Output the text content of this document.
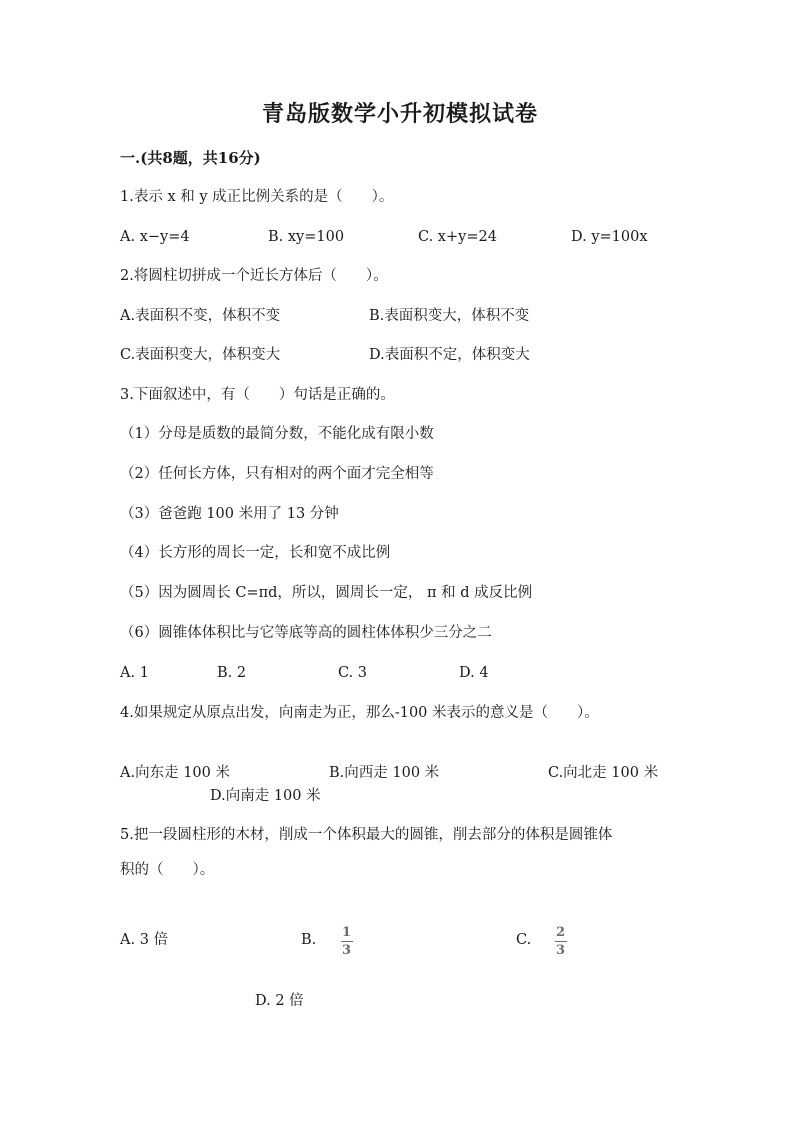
青岛版数学小升初模拟试卷
一.(共8题，共16分)
1.表示 x 和 y 成正比例关系的是（　　）。
A. x−y=4	B. xy=100	C. x+y=24	D. y=100x
2.将圆柱切拼成一个近长方体后（　　）。
A.表面积不变，体积不变	B.表面积变大，体积不变
C.表面积变大，体积变大	D.表面积不定，体积变大
3.下面叙述中，有（　　）句话是正确的。
（1）分母是质数的最简分数，不能化成有限小数
（2）任何长方体，只有相对的两个面才完全相等
（3）爸爸跑 100 米用了 13 分钟
（4）长方形的周长一定，长和宽不成比例
（5）因为圆周长 C=πd，所以，圆周长一定， π 和 d 成反比例
（6）圆锥体体积比与它等底等高的圆柱体体积少三分之二
A. 1	B. 2	C. 3	D. 4
4.如果规定从原点出发，向南走为正，那么-100 米表示的意义是（　　）。
A.向东走 100 米	B.向西走 100 米	C.向北走 100 米
D.向南走 100 米
5.把一段圆柱形的木材，削成一个体积最大的圆锥，削去部分的体积是圆锥体
积的（　　）。
A. 3 倍	B. 1
3
C. 2
3
D. 2 倍
